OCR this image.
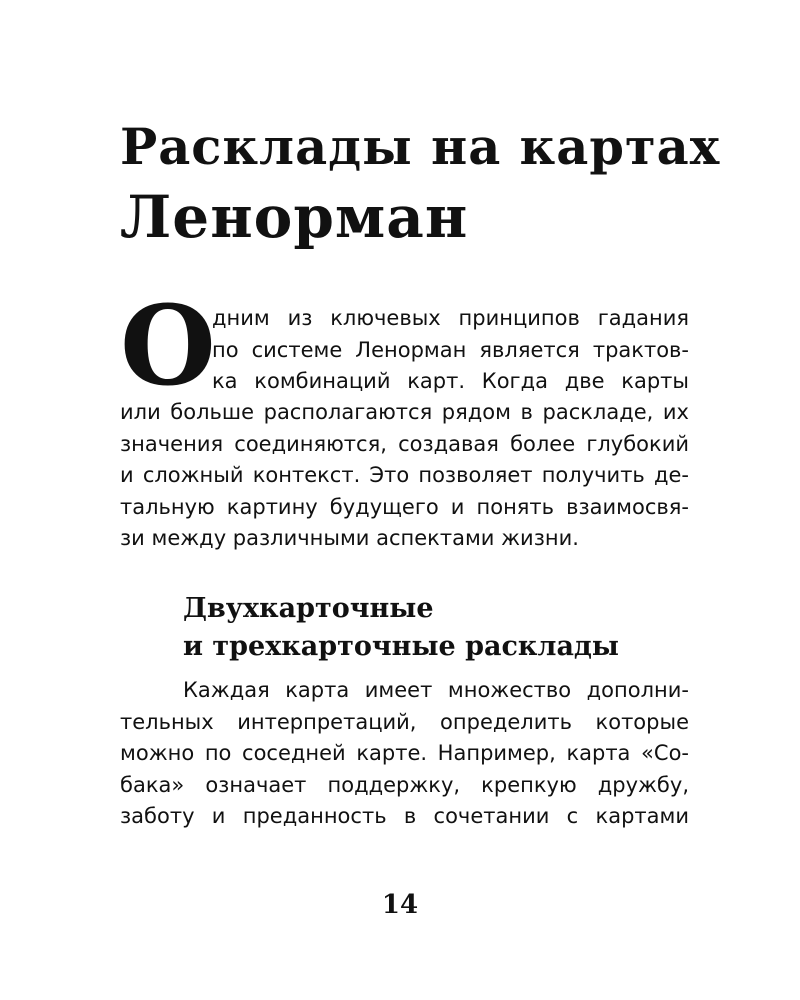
Расклады на картах
Ленорман
О

дним из ключевых принципов гадания
по системе Ленорман является трактов-
ка комбинаций карт. Когда две карты

или больше располагаются рядом в раскладе, их
значения соединяются, создавая более глубокий
и сложный контекст. Это позволяет получить де-
тальную картину будущего и понять взаимосвя-
зи между различными аспектами жизни.

Двухкарточные
и трехкарточные расклады

Каждая карта имеет множество дополни-
тельных интерпретаций, определить которые
можно по соседней карте. Например, карта «Со-
бака» означает поддержку, крепкую дружбу,
заботу и преданность в сочетании с картами

14
